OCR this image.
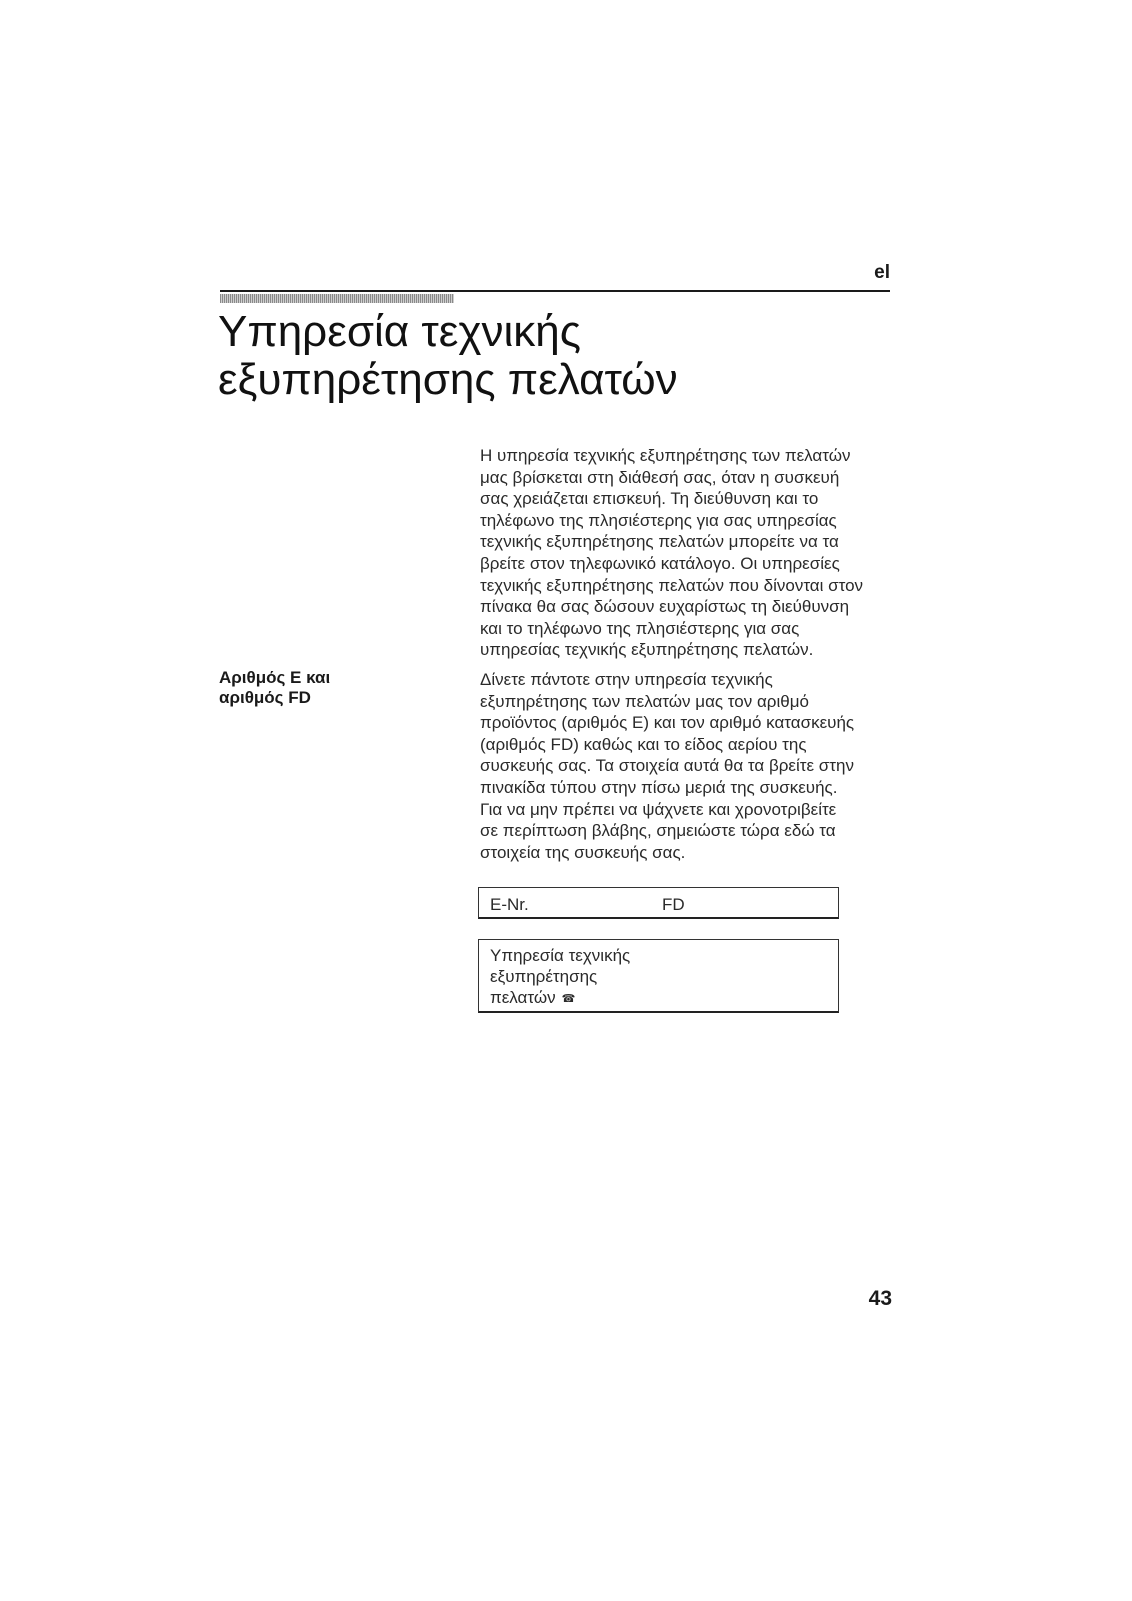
el
Υπηρεσία τεχνικής
εξυπηρέτησης πελατών
Η υπηρεσία τεχνικής εξυπηρέτησης των πελατών
μας βρίσκεται στη διάθεσή σας, όταν η συσκευή
σας χρειάζεται επισκευή. Τη διεύθυνση και το
τηλέφωνο της πλησιέστερης για σας υπηρεσίας
τεχνικής εξυπηρέτησης πελατών μπορείτε να τα
βρείτε στον τηλεφωνικό κατάλογο. Οι υπηρεσίες
τεχνικής εξυπηρέτησης πελατών που δίνονται στον
πίνακα θα σας δώσουν ευχαρίστως τη διεύθυνση
και το τηλέφωνο της πλησιέστερης για σας
υπηρεσίας τεχνικής εξυπηρέτησης πελατών.
Αριθμός Ε και
αριθμός FD
Δίνετε πάντοτε στην υπηρεσία τεχνικής
εξυπηρέτησης των πελατών μας τον αριθμό
προϊόντος (αριθμός Ε) και τον αριθμό κατασκευής
(αριθμός FD) καθώς και το είδος αερίου της
συσκευής σας. Τα στοιχεία αυτά θα τα βρείτε στην
πινακίδα τύπου στην πίσω μεριά της συσκευής.
Για να μην πρέπει να ψάχνετε και χρονοτριβείτε
σε περίπτωση βλάβης, σημειώστε τώρα εδώ τα
στοιχεία της συσκευής σας.
E-Nr.	FD
Υπηρεσία τεχνικής
εξυπηρέτησης
πελατών ☎
43
